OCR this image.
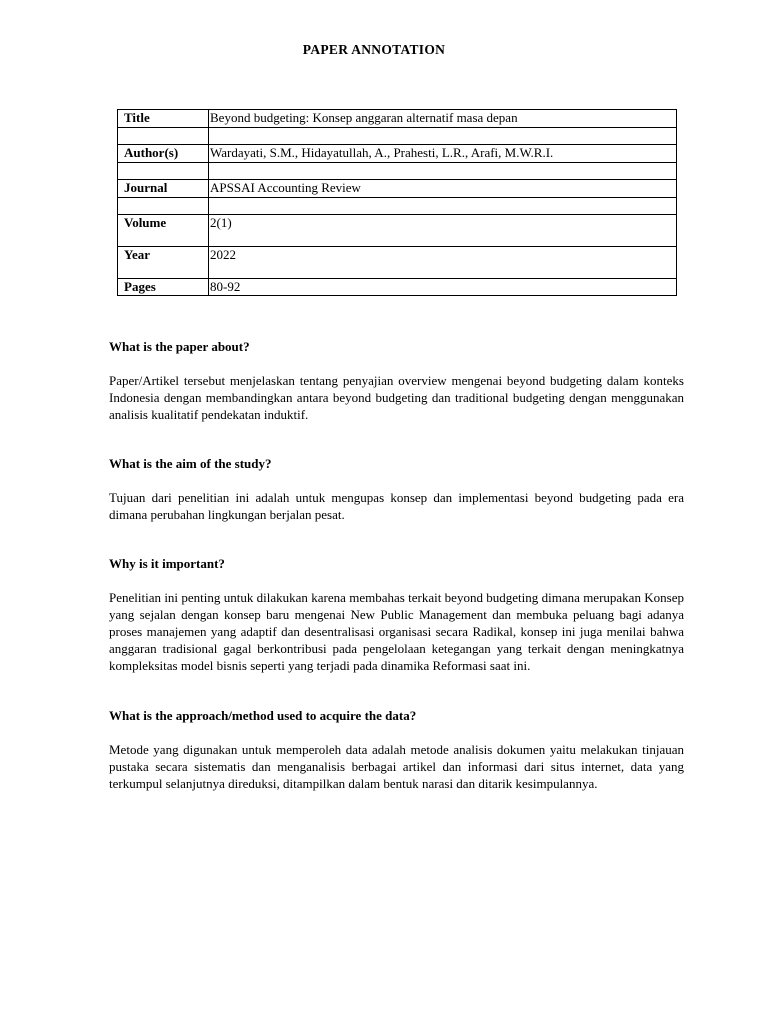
PAPER ANNOTATION
Title	Beyond budgeting: Konsep anggaran alternatif masa depan

Author(s)	Wardayati, S.M., Hidayatullah, A., Prahesti, L.R., Arafi, M.W.R.I.

Journal	APSSAI Accounting Review

Volume	2(1)
Year	2022
Pages	80-92
What is the paper about?

Paper/Artikel tersebut menjelaskan tentang penyajian overview mengenai beyond budgeting dalam konteks Indonesia dengan membandingkan antara beyond budgeting dan traditional budgeting dengan menggunakan analisis kualitatif pendekatan induktif.

What is the aim of the study?

Tujuan dari penelitian ini adalah untuk mengupas konsep dan implementasi beyond budgeting pada era dimana perubahan lingkungan berjalan pesat.

Why is it important?

Penelitian ini penting untuk dilakukan karena membahas terkait beyond budgeting dimana merupakan Konsep yang sejalan dengan konsep baru mengenai New Public Management dan membuka peluang bagi adanya proses manajemen yang adaptif dan desentralisasi organisasi secara Radikal, konsep ini juga menilai bahwa anggaran tradisional gagal berkontribusi pada pengelolaan ketegangan yang terkait dengan meningkatnya kompleksitas model bisnis seperti yang terjadi pada dinamika Reformasi saat ini.

What is the approach/method used to acquire the data?

Metode yang digunakan untuk memperoleh data adalah metode analisis dokumen yaitu melakukan tinjauan pustaka secara sistematis dan menganalisis berbagai artikel dan informasi dari situs internet, data yang terkumpul selanjutnya direduksi, ditampilkan dalam bentuk narasi dan ditarik kesimpulannya.
